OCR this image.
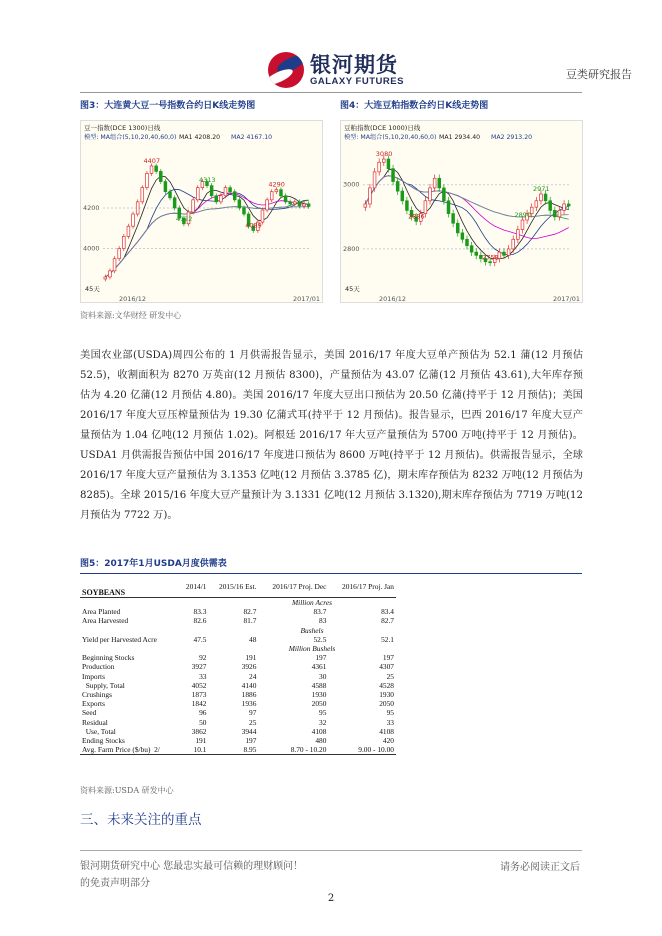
银河期货
GALAXY FUTURES	豆类研究报告
图3：大连黄大豆一号指数合约日K线走势图	图4：大连豆粕指数合约日K线走势图
豆一指数(DCE 1300)日线
模型: MA组合(5,10,20,40,60,0) MA1 4208.20 MA2 4167.10
4000
4200
4407
4313
4290
4122
4089
45天
2016/12	2017/01
豆粕指数(DCE 1000)日线
模型: MA组合(5,10,20,40,60,0) MA1 2934.40 MA2 2913.20
2800
3000
3080
2971
2886	2890
2758
45天
2016/12	2017/01
资料来源:文华财经 研发中心
美国农业部(USDA)周四公布的 1 月供需报告显示，美国 2016/17 年度大豆单产预估为 52.1 蒲(12 月预估 52.5)，收割面积为 8270 万英亩(12 月预估 8300)，产量预估为 43.07 亿蒲(12 月预估 43.61),大年库存预估为 4.20 亿蒲(12 月预估 4.80)。美国 2016/17 年度大豆出口预估为 20.50 亿蒲(持平于 12 月预估)；美国 2016/17 年度大豆压榨量预估为 19.30 亿蒲式耳(持平于 12 月预估)。报告显示，巴西 2016/17 年度大豆产量预估为 1.04 亿吨(12 月预估 1.02)。阿根廷 2016/17 年大豆产量预估为 5700 万吨(持平于 12 月预估)。USDA1 月供需报告预估中国 2016/17 年度进口预估为 8600 万吨(持平于 12 月预估)。供需报告显示，全球 2016/17 年度大豆产量预估为 3.1353 亿吨(12 月预估 3.3785 亿)，期末库存预估为 8232 万吨(12 月预估为 8285)。全球 2015/16 年度大豆产量预计为 3.1331 亿吨(12 月预估 3.1320),期末库存预估为 7719 万吨(12 月预估为 7722 万)。
图5：2017年1月USDA月度供需表
SOYBEANS	2014/1	2015/16 Est.	2016/17 Proj. Dec	2016/17 Proj. Jan
Million Acres				
Area Planted	83.3	82.7	83.7	83.4
Area Harvested	82.6	81.7	83	82.7
Bushels				
Yield per Harvested Acre	47.5	48	52.5	52.1
Million Bushels				
Beginning Stocks	92	191	197	197
Production	3927	3926	4361	4307
Imports	33	24	30	25
Supply, Total	4052	4140	4588	4528
Crushings	1873	1886	1930	1930
Exports	1842	1936	2050	2050
Seed	96	97	95	95
Residual	50	25	32	33
Use, Total	3862	3944	4108	4108
Ending Stocks	191	197	480	420
Avg. Farm Price ($/bu)  2/	10.1	8.95	8.70 - 10.20	9.00 - 10.00
资料来源:USDA 研发中心
三、未来关注的重点
银河期货研究中心 您最忠实最可信赖的理财顾问！
的免责声明部分
请务必阅读正文后
2
